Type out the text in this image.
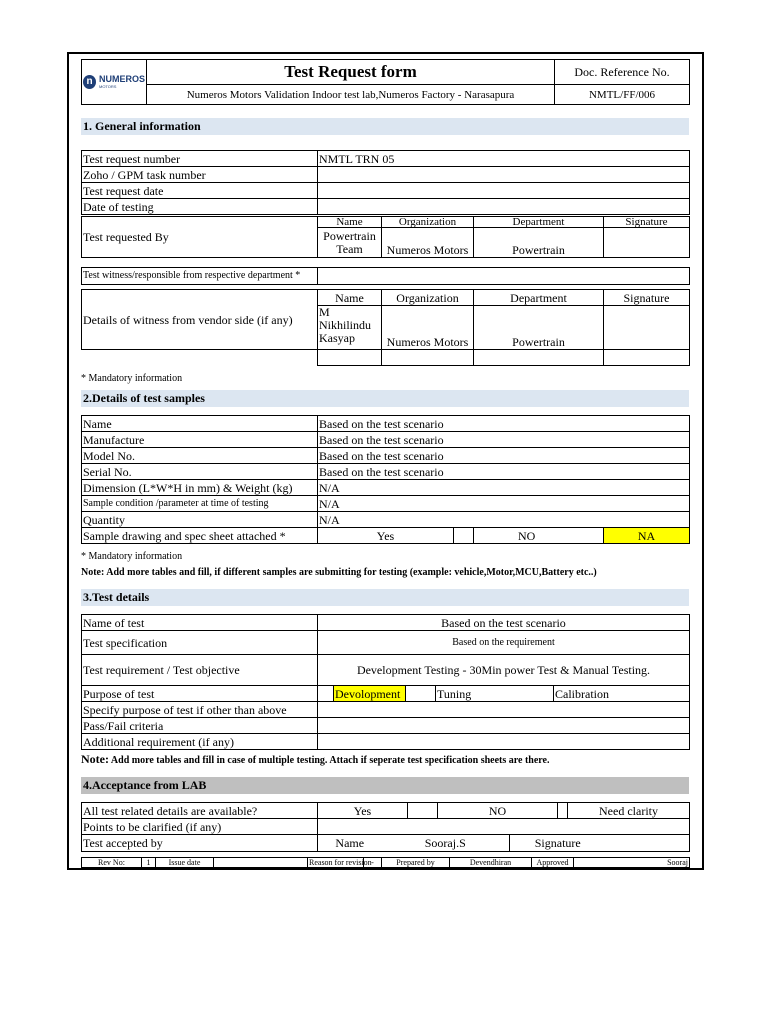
n NUMEROS
MOTORS	Test Request form	Doc. Reference No.
	Numeros Motors Validation Indoor test lab,Numeros Factory - Narasapura	NMTL/FF/006
1. General information
Test request number	NMTL TRN 05
Zoho / GPM task number	
Test request date	
Date of testing	
Test requested By	Name	Organization	Department	Signature
	Powertrain Team	Numeros Motors	Powertrain	
Test witness/responsible from respective department *	
Details of witness from vendor side (if any)	Name	Organization	Department	Signature
	M Nikhilindu Kasyap	Numeros Motors	Powertrain	

* Mandatory information
2.Details of test samples
Name	Based on the test scenario
Manufacture	Based on the test scenario
Model No.	Based on the test scenario
Serial No.	Based on the test scenario
Dimension (L*W*H in mm) & Weight (kg)	N/A
Sample condition /parameter at time of testing	N/A
Quantity	N/A
Sample drawing and spec sheet attached *	Yes		NO	NA
* Mandatory information
Note: Add more tables and fill, if different samples are submitting for testing (example: vehicle,Motor,MCU,Battery etc..)
3.Test details
Name of test	Based on the test scenario
Test specification	Based on the requirement
Test requirement / Test objective	Development Testing - 30Min power Test & Manual Testing.
Purpose of test		Devolopment		Tuning	Calibration
Specify purpose of test if other than above	
Pass/Fail criteria	
Additional requirement (if any)	
Note: Add more tables and fill in case of multiple testing. Attach if seperate test specification sheets are there.
4.Acceptance from LAB
All test related details are available?	Yes		NO		Need clarity
Points to be clarified (if any)	
Test accepted by	Name	Sooraj.S	Signature	
Rev No:	1	Issue date		Reason for revision	-	Prepared by	Devendhiran	Approved	Sooraj
